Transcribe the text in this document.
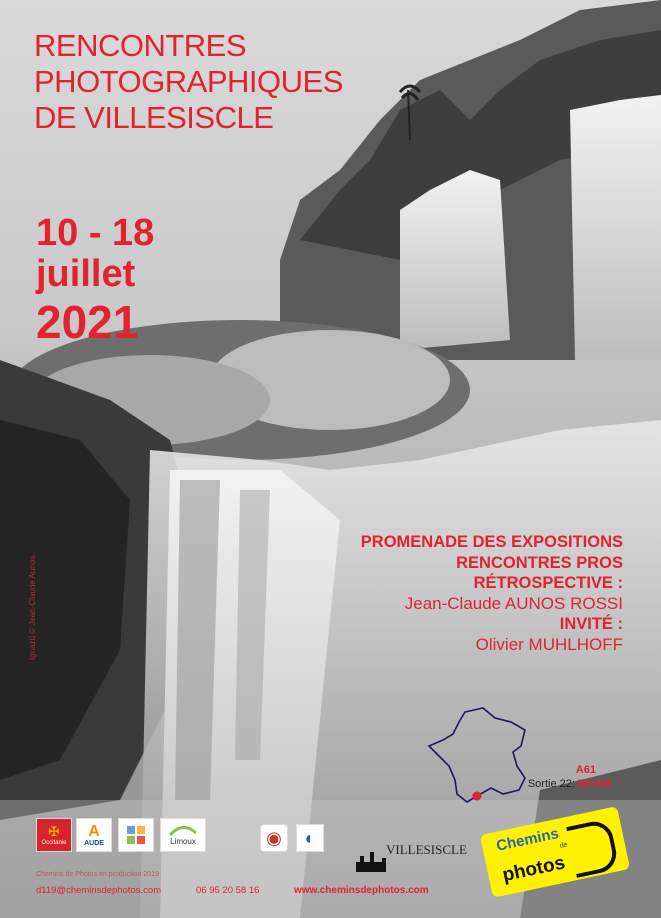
RENCONTRES
PHOTOGRAPHIQUES
DE VILLESISCLE
10 - 18
juillet
2021
Iguazú © Jean-Claude Aunos
PROMENADE DES EXPOSITIONS
RENCONTRES PROS
RÉTROSPECTIVE :
Jean-Claude AUNOS ROSSI
INVITÉ :
Olivier MUHLHOFF
A61
Sortie 22: BRAM
✠
Occitanie
A
AUDE	Limoux	◉ ◐
VILLESISCLE Chemins
de
photos
Chemins de Photos en production 2019
d119@cheminsdephotos.com	06 95 20 58 16	www.cheminsdephotos.com
